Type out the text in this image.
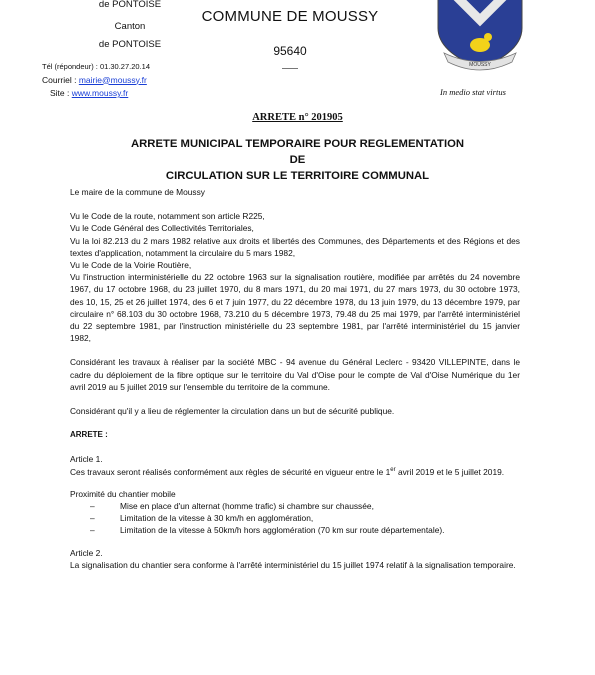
de PONTOISE
Canton
de PONTOISE
Tél (répondeur) : 01.30.27.20.14
Courriel : mairie@moussy.fr
Site : www.moussy.fr
COMMUNE DE MOUSSY
95640
MOUSSY
In medio stat virtus
ARRETE n° 201905
ARRETE MUNICIPAL TEMPORAIRE POUR REGLEMENTATION DE
CIRCULATION SUR LE TERRITOIRE COMMUNAL

Le maire de la commune de Moussy

Vu le Code de la route, notamment son article R225,

Vu le Code Général des Collectivités Territoriales,

Vu la loi 82.213 du 2 mars 1982 relative aux droits et libertés des Communes, des Départements et des Régions et des textes d'application, notamment la circulaire du 5 mars 1982,

Vu le Code de la Voirie Routière,

Vu l'instruction interministérielle du 22 octobre 1963 sur la signalisation routière, modifiée par arrêtés du 24 novembre 1967, du 17 octobre 1968, du 23 juillet 1970, du 8 mars 1971, du 20 mai 1971, du 27 mars 1973, du 30 octobre 1973, des 10, 15, 25 et 26 juillet 1974, des 6 et 7 juin 1977, du 22 décembre 1978, du 13 juin 1979, du 13 décembre 1979, par circulaire n° 68.103 du 30 octobre 1968, 73.210 du 5 décembre 1973, 79.48 du 25 mai 1979, par l'arrêté interministériel du 22 septembre 1981, par l'instruction ministérielle du 23 septembre 1981, par l'arrêté interministériel du 15 janvier 1982,

Considérant les travaux à réaliser par la société MBC - 94 avenue du Général Leclerc - 93420 VILLEPINTE, dans le cadre du déploiement de la fibre optique sur le territoire du Val d'Oise pour le compte de Val d'Oise Numérique du 1er avril 2019 au 5 juillet 2019 sur l'ensemble du territoire de la commune.

Considérant qu'il y a lieu de réglementer la circulation dans un but de sécurité publique.

ARRETE :

Article 1.

Ces travaux seront réalisés conformément aux règles de sécurité en vigueur entre le 1er avril 2019 et le 5 juillet 2019.

Proximité du chantier mobile

–	Mise en place d'un alternat (homme trafic) si chambre sur chaussée,
–	Limitation de la vitesse à 30 km/h en agglomération,
–	Limitation de la vitesse à 50km/h hors agglomération (70 km sur route départementale).

Article 2.

La signalisation du chantier sera conforme à l'arrêté interministériel du 15 juillet 1974 relatif à la signalisation temporaire.
